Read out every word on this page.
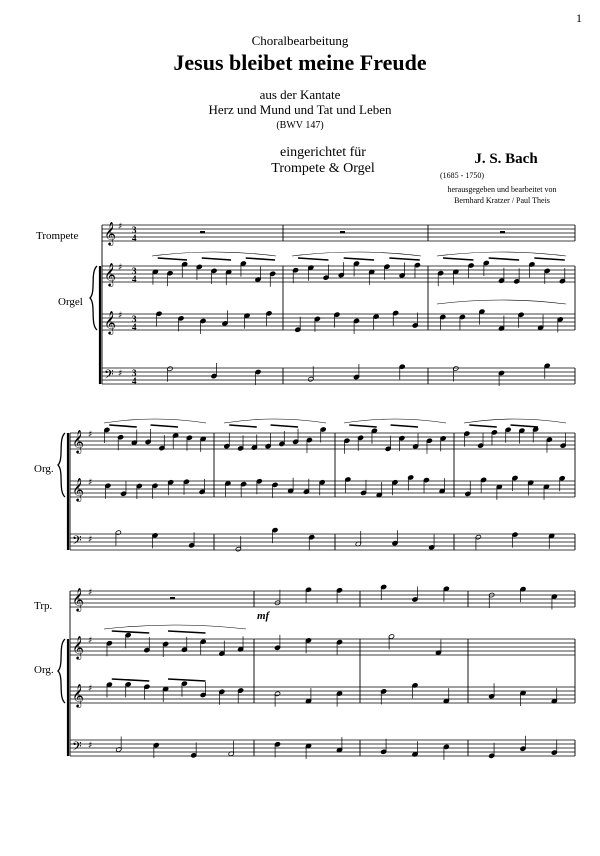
1
Choralbearbeitung
Jesus bleibet meine Freude
aus der Kantate
Herz und Mund und Tat und Leben
(BWV 147)
eingerichtet für
Trompete & Orgel
J. S. Bach
(1685 - 1750)
herausgegeben und bearbeitet von
Bernhard Kratzer / Paul Theis
Trompete
Orgel
Org.
Trp.
Org.
mf
𝄞 ♯ 3
4
𝄞 ♯ 3
4
𝄞 ♯ 3
4
𝄢 ♯ 3
4
𝄞 ♯
𝄞 ♯
𝄢 ♯
𝄞 ♯
𝄞 ♯
𝄞 ♯
𝄢 ♯
